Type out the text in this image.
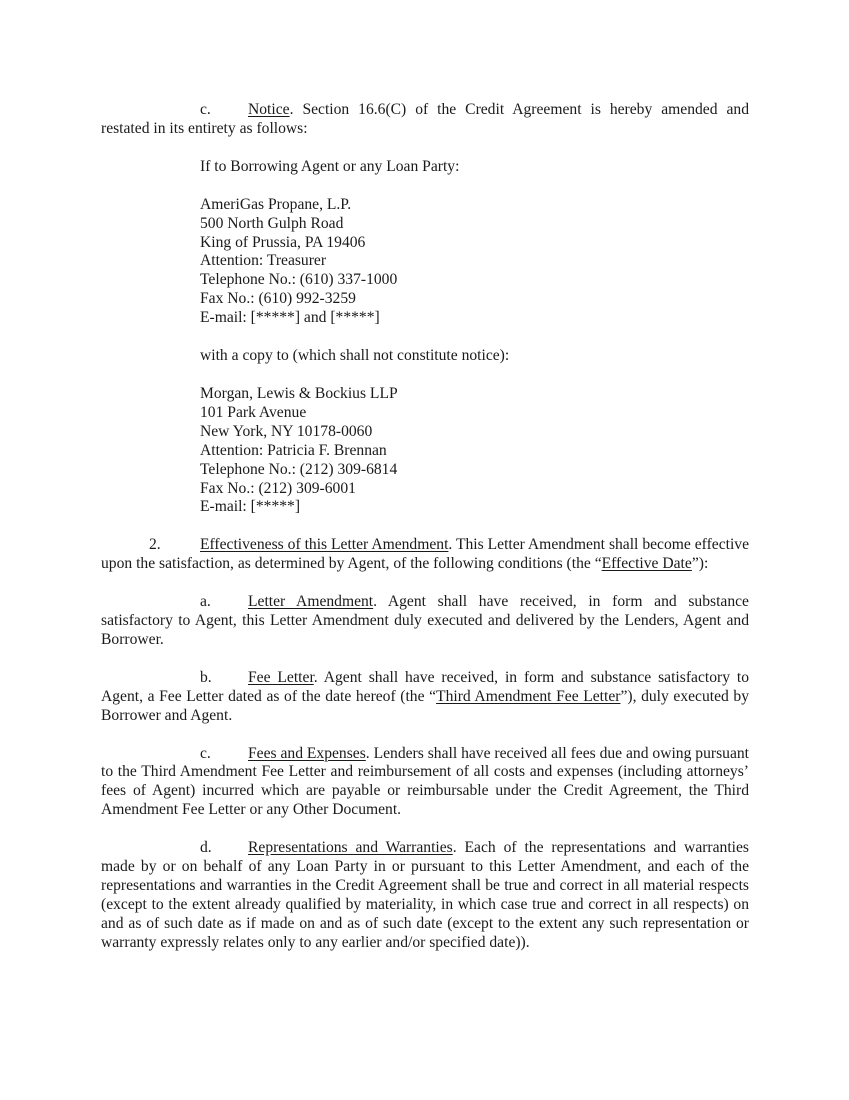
c. Notice. Section 16.6(C) of the Credit Agreement is hereby amended and restated in its entirety as follows:

If to Borrowing Agent or any Loan Party:

AmeriGas Propane, L.P.
500 North Gulph Road
King of Prussia, PA 19406
Attention: Treasurer
Telephone No.: (610) 337-1000
Fax No.: (610) 992-3259
E-mail: [*****] and [*****]

with a copy to (which shall not constitute notice):

Morgan, Lewis & Bockius LLP
101 Park Avenue
New York, NY 10178-0060
Attention: Patricia F. Brennan
Telephone No.: (212) 309-6814
Fax No.: (212) 309-6001
E-mail: [*****]

2.	Effectiveness of this Letter Amendment. This Letter Amendment shall become effective upon the satisfaction, as determined by Agent, of the following conditions (the “Effective Date”):

a. Letter Amendment. Agent shall have received, in form and substance satisfactory to Agent, this Letter Amendment duly executed and delivered by the Lenders, Agent and Borrower.

b. Fee Letter. Agent shall have received, in form and substance satisfactory to Agent, a Fee Letter dated as of the date hereof (the “Third Amendment Fee Letter”), duly executed by Borrower and Agent.

c. Fees and Expenses. Lenders shall have received all fees due and owing pursuant to the Third Amendment Fee Letter and reimbursement of all costs and expenses (including attorneys’ fees of Agent) incurred which are payable or reimbursable under the Credit Agreement, the Third Amendment Fee Letter or any Other Document.

d. Representations and Warranties. Each of the representations and warranties made by or on behalf of any Loan Party in or pursuant to this Letter Amendment, and each of the representations and warranties in the Credit Agreement shall be true and correct in all material respects (except to the extent already qualified by materiality, in which case true and correct in all respects) on and as of such date as if made on and as of such date (except to the extent any such representation or warranty expressly relates only to any earlier and/or specified date)).
